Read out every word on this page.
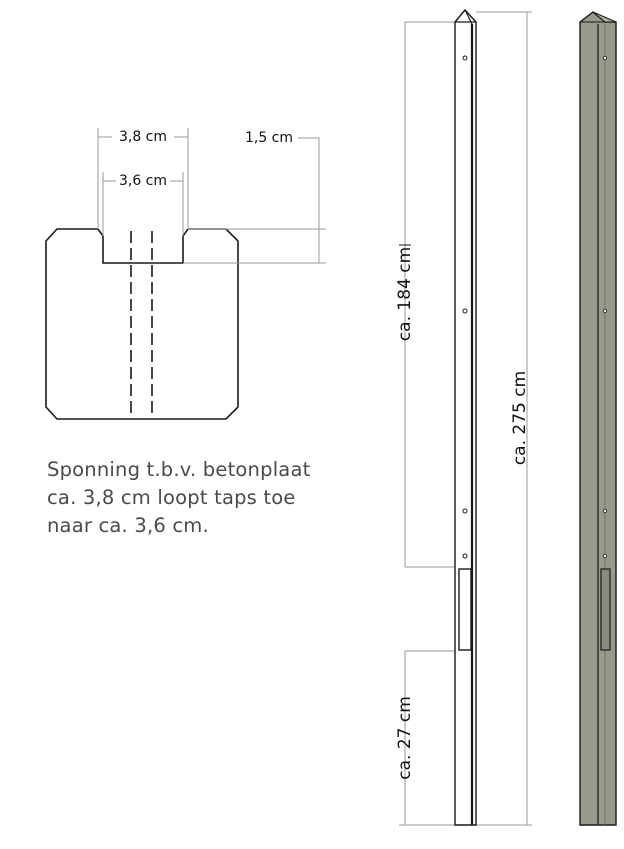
3,8 cm
3,6 cm
1,5 cm
ca. 184 cm
ca. 275 cm
ca. 27 cm
Sponning t.b.v. betonplaat
ca. 3,8 cm loopt taps toe
naar ca. 3,6 cm.
